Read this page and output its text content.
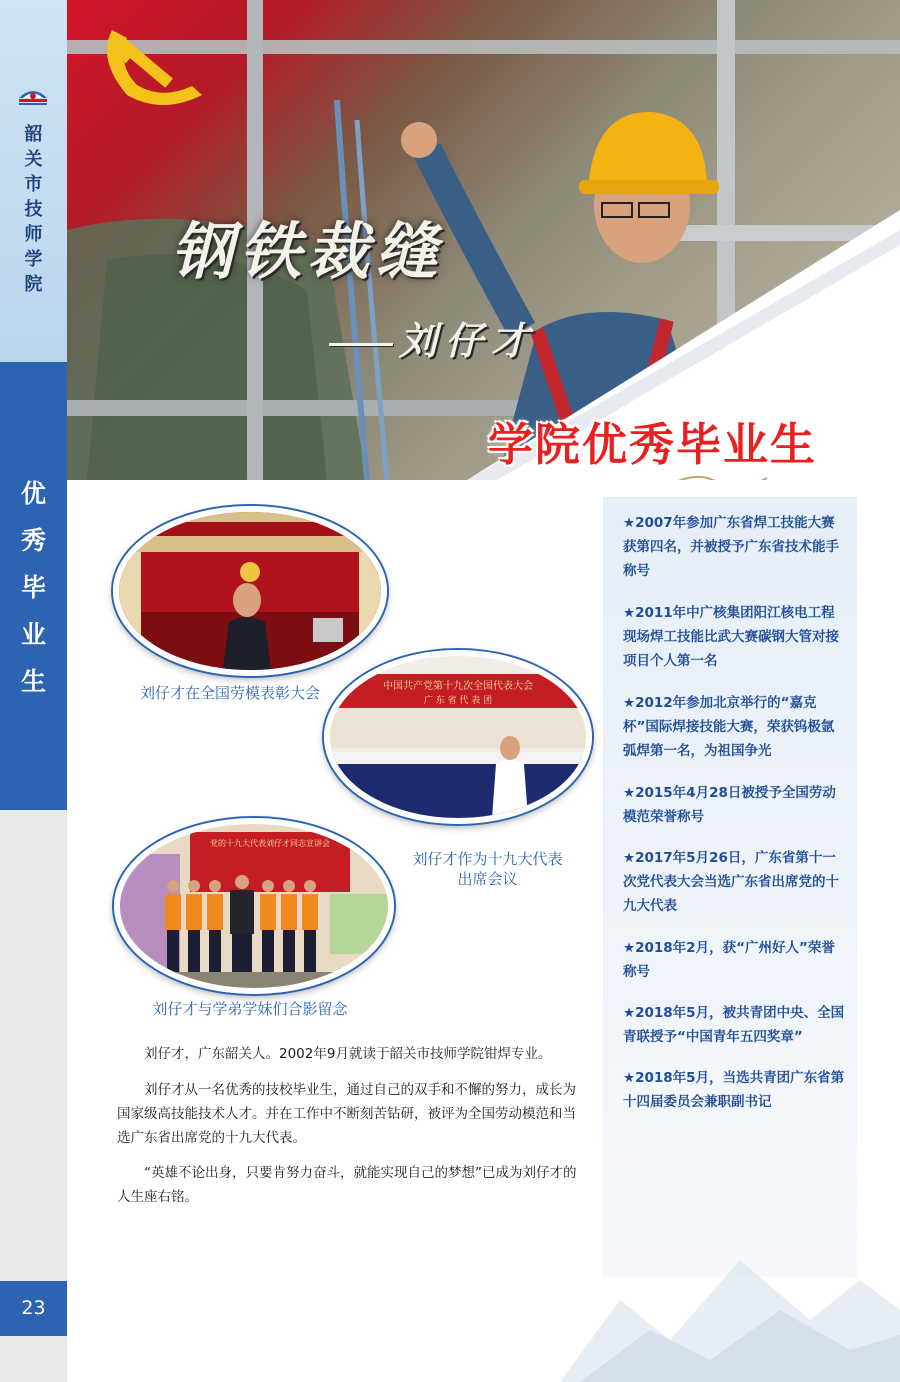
韶
关
市
技
师
学
院
优
秀
毕
业
生
23
钢铁裁缝
刘仔才
学院优秀毕业生
刘仔才在全国劳模表彰大会	中国共产党第十九次全国代表大会
广 东 省 代 表 团
刘仔才作为十九大代表
出席会议
党的十九大代表刘仔才同志宣讲会
刘仔才与学弟学妹们合影留念
刘仔才，广东韶关人。2002年9月就读于韶关市技师学院钳焊专业。
刘仔才从一名优秀的技校毕业生，通过自己的双手和不懈的努力，成长为国家级高技能技术人才。并在工作中不断刻苦钻研，被评为全国劳动模范和当选广东省出席党的十九大代表。
“英雄不论出身，只要肯努力奋斗，就能实现自己的梦想”已成为刘仔才的人生座右铭。
★2007年参加广东省焊工技能大赛获第四名，并被授予广东省技术能手称号
★2011年中广核集团阳江核电工程现场焊工技能比武大赛碳钢大管对接项目个人第一名
★2012年参加北京举行的“嘉克杯”国际焊接技能大赛，荣获钨极氩弧焊第一名，为祖国争光
★2015年4月28日被授予全国劳动模范荣誉称号
★2017年5月26日，广东省第十一次党代表大会当选广东省出席党的十九大代表
★2018年2月，获“广州好人”荣誉称号
★2018年5月，被共青团中央、全国青联授予“中国青年五四奖章”
★2018年5月，当选共青团广东省第十四届委员会兼职副书记
